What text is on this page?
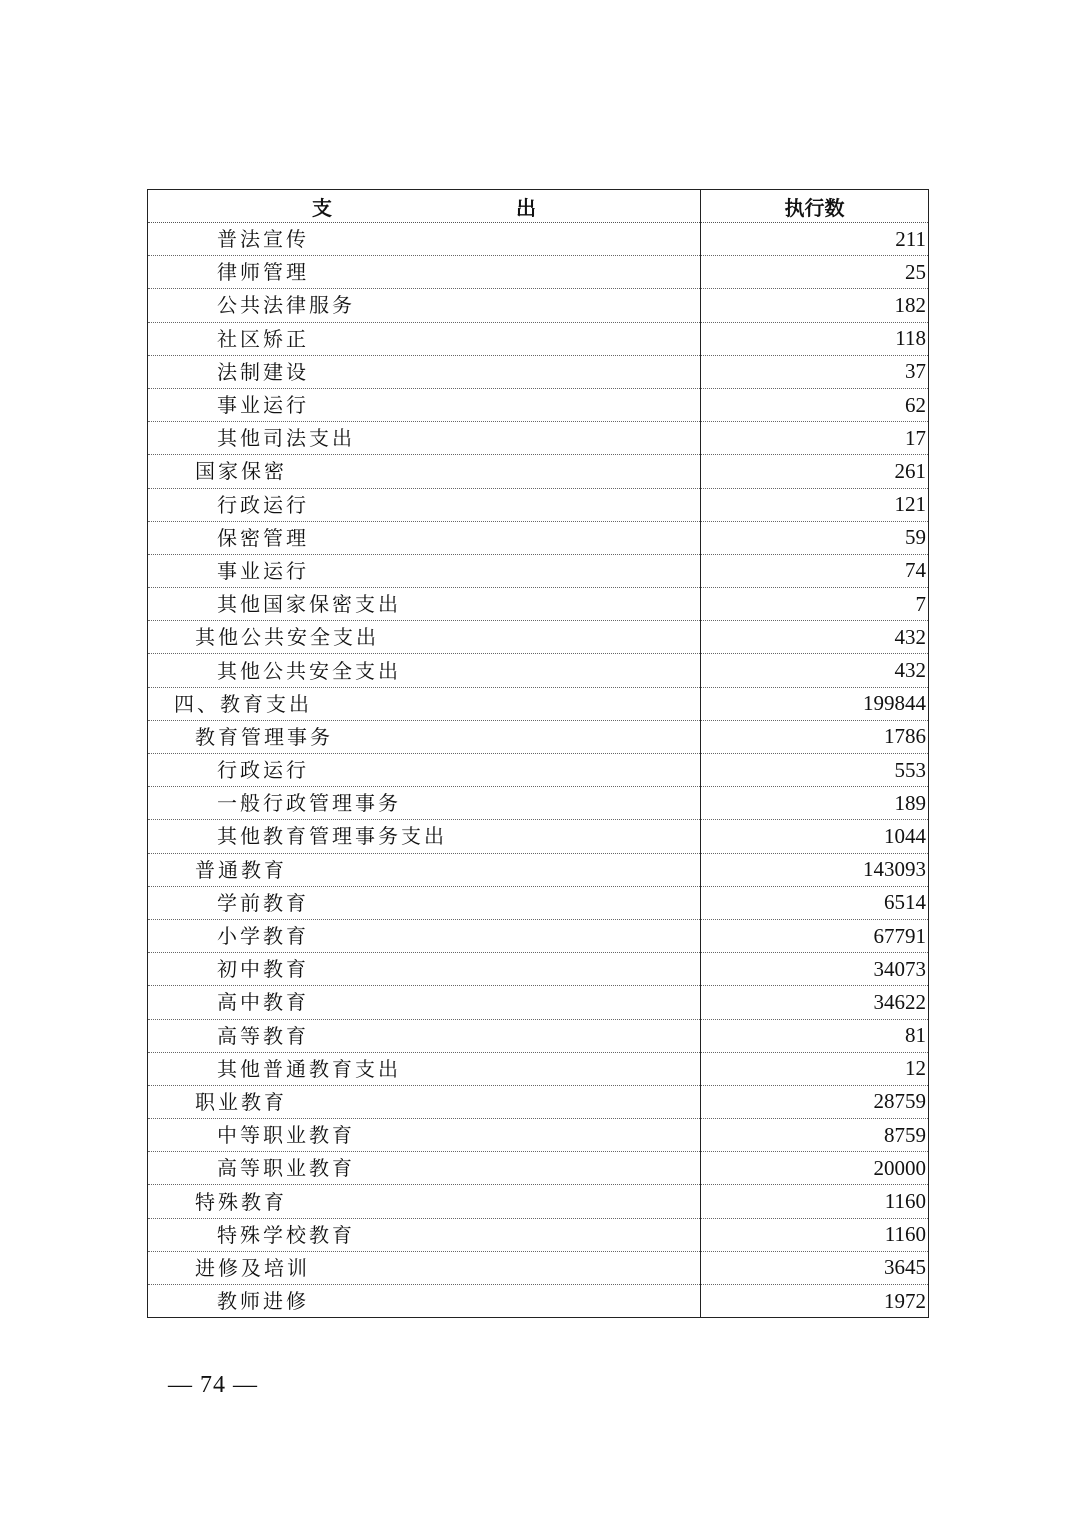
支　出	执行数
普法宣传	211
律师管理	25
公共法律服务	182
社区矫正	118
法制建设	37
事业运行	62
其他司法支出	17
国家保密	261
行政运行	121
保密管理	59
事业运行	74
其他国家保密支出	7
其他公共安全支出	432
其他公共安全支出	432
四、教育支出	199844
教育管理事务	1786
行政运行	553
一般行政管理事务	189
其他教育管理事务支出	1044
普通教育	143093
学前教育	6514
小学教育	67791
初中教育	34073
高中教育	34622
高等教育	81
其他普通教育支出	12
职业教育	28759
中等职业教育	8759
高等职业教育	20000
特殊教育	1160
特殊学校教育	1160
进修及培训	3645
教师进修	1972
— 74 —
